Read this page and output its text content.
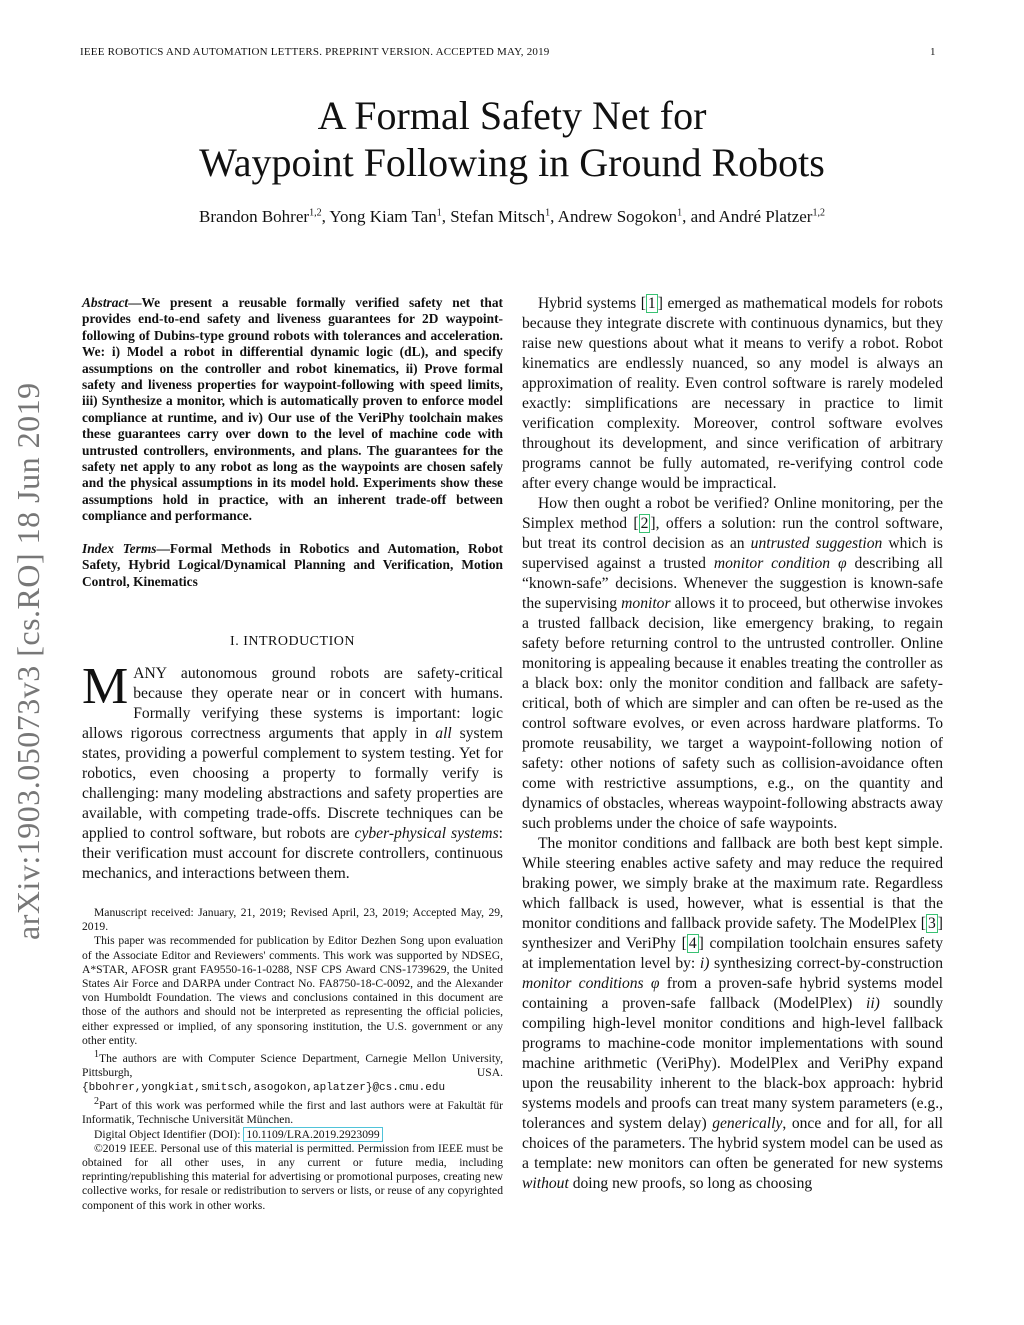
IEEE ROBOTICS AND AUTOMATION LETTERS. PREPRINT VERSION. ACCEPTED MAY, 2019	1
A Formal Safety Net for
Waypoint Following in Ground Robots
Brandon Bohrer$^{1,2}$, Yong Kiam Tan$^1$, Stefan Mitsch$^1$, Andrew Sogokon$^1$, and André Platzer$^{1,2}$
arXiv:1903.05073v3 [cs.RO] 18 Jun 2019

Abstract—We present a reusable formally verified safety net that provides end-to-end safety and liveness guarantees for 2D waypoint-following of Dubins-type ground robots with tolerances and acceleration. We: i) Model a robot in differential dynamic logic (dL), and specify assumptions on the controller and robot kinematics, ii) Prove formal safety and liveness properties for waypoint-following with speed limits, iii) Synthesize a monitor, which is automatically proven to enforce model compliance at runtime, and iv) Our use of the VeriPhy toolchain makes these guarantees carry over down to the level of machine code with untrusted controllers, environments, and plans. The guarantees for the safety net apply to any robot as long as the waypoints are chosen safely and the physical assumptions in its model hold. Experiments show these assumptions hold in practice, with an inherent trade-off between compliance and performance.

Index Terms—Formal Methods in Robotics and Automation, Robot Safety, Hybrid Logical/Dynamical Planning and Verification, Motion Control, Kinematics

I. INTRODUCTION

MANY autonomous ground robots are safety-critical because they operate near or in concert with humans. Formally verifying these systems is important: logic allows rigorous correctness arguments that apply in all system states, providing a powerful complement to system testing. Yet for robotics, even choosing a property to formally verify is challenging: many modeling abstractions and safety properties are available, with competing trade-offs. Discrete techniques can be applied to control software, but robots are cyber-physical systems: their verification must account for discrete controllers, continuous mechanics, and interactions between them.

Manuscript received: January, 21, 2019; Revised April, 23, 2019; Accepted May, 29, 2019.

This paper was recommended for publication by Editor Dezhen Song upon evaluation of the Associate Editor and Reviewers' comments. This work was supported by NDSEG, A*STAR, AFOSR grant FA9550-16-1-0288, NSF CPS Award CNS-1739629, the United States Air Force and DARPA under Contract No. FA8750-18-C-0092, and the Alexander von Humboldt Foundation. The views and conclusions contained in this document are those of the authors and should not be interpreted as representing the official policies, either expressed or implied, of any sponsoring institution, the U.S. government or any other entity.

$^1$The authors are with Computer Science Department, Carnegie Mellon University, Pittsburgh, USA. {bbohrer,yongkiat,smitsch,asogokon,aplatzer}@cs.cmu.edu

$^2$Part of this work was performed while the first and last authors were at Fakultät für Informatik, Technische Universität München.

Digital Object Identifier (DOI): 10.1109/LRA.2019.2923099

©2019 IEEE. Personal use of this material is permitted. Permission from IEEE must be obtained for all other uses, in any current or future media, including reprinting/republishing this material for advertising or promotional purposes, creating new collective works, for resale or redistribution to servers or lists, or reuse of any copyrighted component of this work in other works.

Hybrid systems [ 1 ] emerged as mathematical models for robots because they integrate discrete with continuous dynamics, but they raise new questions about what it means to verify a robot. Robot kinematics are endlessly nuanced, so any model is always an approximation of reality. Even control software is rarely modeled exactly: simplifications are necessary in practice to limit verification complexity. Moreover, control software evolves throughout its development, and since verification of arbitrary programs cannot be fully automated, re-verifying control code after every change would be impractical.

How then ought a robot be verified? Online monitoring, per the Simplex method [ 2 ], offers a solution: run the control software, but treat its control decision as an untrusted suggestion which is supervised against a trusted monitor condition φ describing all “known-safe” decisions. Whenever the suggestion is known-safe the supervising monitor allows it to proceed, but otherwise invokes a trusted fallback decision, like emergency braking, to regain safety before returning control to the untrusted controller. Online monitoring is appealing because it enables treating the controller as a black box: only the monitor condition and fallback are safety-critical, both of which are simpler and can often be re-used as the control software evolves, or even across hardware platforms. To promote reusability, we target a waypoint-following notion of safety: other notions of safety such as collision-avoidance often come with restrictive assumptions, e.g., on the quantity and dynamics of obstacles, whereas waypoint-following abstracts away such problems under the choice of safe waypoints.

The monitor conditions and fallback are both best kept simple. While steering enables active safety and may reduce the required braking power, we simply brake at the maximum rate. Regardless which fallback is used, however, what is essential is that the monitor conditions and fallback provide safety. The ModelPlex [ 3 ] synthesizer and VeriPhy [ 4 ] compilation toolchain ensures safety at implementation level by: i) synthesizing correct-by-construction monitor conditions φ from a proven-safe hybrid systems model containing a proven-safe fallback (ModelPlex) ii) soundly compiling high-level monitor conditions and high-level fallback programs to machine-code monitor implementations with sound machine arithmetic (VeriPhy). ModelPlex and VeriPhy expand upon the reusability inherent to the black-box approach: hybrid systems models and proofs can treat many system parameters (e.g., tolerances and system delay) generically, once and for all, for all choices of the parameters. The hybrid system model can be used as a template: new monitors can often be generated for new systems without doing new proofs, so long as choosing
